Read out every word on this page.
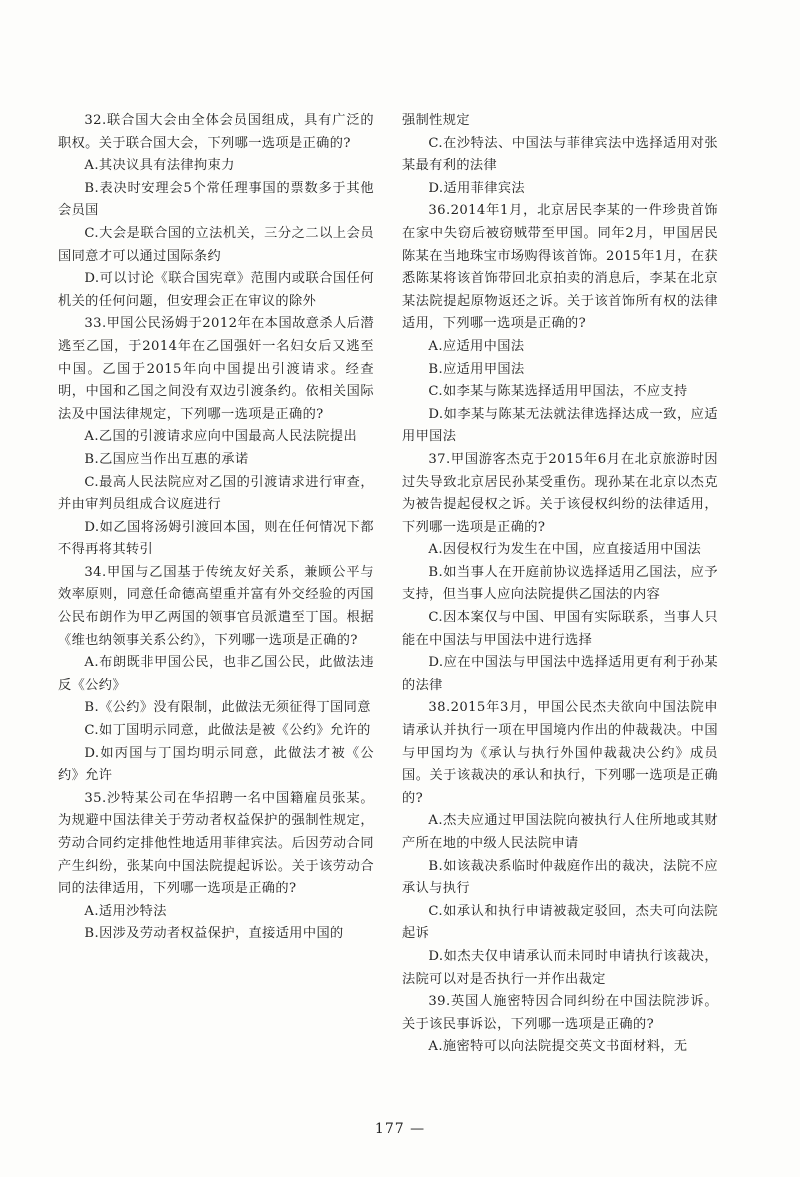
32.联合国大会由全体会员国组成，具有广泛的职权。关于联合国大会，下列哪一选项是正确的?

A.其决议具有法律拘束力

B.表决时安理会5个常任理事国的票数多于其他会员国

C.大会是联合国的立法机关，三分之二以上会员国同意才可以通过国际条约

D.可以讨论《联合国宪章》范围内或联合国任何机关的任何问题，但安理会正在审议的除外

33.甲国公民汤姆于2012年在本国故意杀人后潜逃至乙国，于2014年在乙国强奸一名妇女后又逃至中国。乙国于2015年向中国提出引渡请求。经查明，中国和乙国之间没有双边引渡条约。依相关国际法及中国法律规定，下列哪一选项是正确的?

A.乙国的引渡请求应向中国最高人民法院提出

B.乙国应当作出互惠的承诺

C.最高人民法院应对乙国的引渡请求进行审查，并由审判员组成合议庭进行

D.如乙国将汤姆引渡回本国，则在任何情况下都不得再将其转引

34.甲国与乙国基于传统友好关系，兼顾公平与效率原则，同意任命德高望重并富有外交经验的丙国公民布朗作为甲乙两国的领事官员派遣至丁国。根据《维也纳领事关系公约》，下列哪一选项是正确的?

A.布朗既非甲国公民，也非乙国公民，此做法违反《公约》

B.《公约》没有限制，此做法无须征得丁国同意

C.如丁国明示同意，此做法是被《公约》允许的

D.如丙国与丁国均明示同意，此做法才被《公约》允许

35.沙特某公司在华招聘一名中国籍雇员张某。为规避中国法律关于劳动者权益保护的强制性规定，劳动合同约定排他性地适用菲律宾法。后因劳动合同产生纠纷，张某向中国法院提起诉讼。关于该劳动合同的法律适用，下列哪一选项是正确的?

A.适用沙特法

B.因涉及劳动者权益保护，直接适用中国的

强制性规定

C.在沙特法、中国法与菲律宾法中选择适用对张某最有利的法律

D.适用菲律宾法

36.2014年1月，北京居民李某的一件珍贵首饰在家中失窃后被窃贼带至甲国。同年2月，甲国居民陈某在当地珠宝市场购得该首饰。2015年1月，在获悉陈某将该首饰带回北京拍卖的消息后，李某在北京某法院提起原物返还之诉。关于该首饰所有权的法律适用，下列哪一选项是正确的?

A.应适用中国法

B.应适用甲国法

C.如李某与陈某选择适用甲国法，不应支持

D.如李某与陈某无法就法律选择达成一致，应适用甲国法

37.甲国游客杰克于2015年6月在北京旅游时因过失导致北京居民孙某受重伤。现孙某在北京以杰克为被告提起侵权之诉。关于该侵权纠纷的法律适用，下列哪一选项是正确的?

A.因侵权行为发生在中国，应直接适用中国法

B.如当事人在开庭前协议选择适用乙国法，应予支持，但当事人应向法院提供乙国法的内容

C.因本案仅与中国、甲国有实际联系，当事人只能在中国法与甲国法中进行选择

D.应在中国法与甲国法中选择适用更有利于孙某的法律

38.2015年3月，甲国公民杰夫欲向中国法院申请承认并执行一项在甲国境内作出的仲裁裁决。中国与甲国均为《承认与执行外国仲裁裁决公约》成员国。关于该裁决的承认和执行，下列哪一选项是正确的?

A.杰夫应通过甲国法院向被执行人住所地或其财产所在地的中级人民法院申请

B.如该裁决系临时仲裁庭作出的裁决，法院不应承认与执行

C.如承认和执行申请被裁定驳回，杰夫可向法院起诉

D.如杰夫仅申请承认而未同时申请执行该裁决，法院可以对是否执行一并作出裁定

39.英国人施密特因合同纠纷在中国法院涉诉。关于该民事诉讼，下列哪一选项是正确的?

A.施密特可以向法院提交英文书面材料，无

177 —
